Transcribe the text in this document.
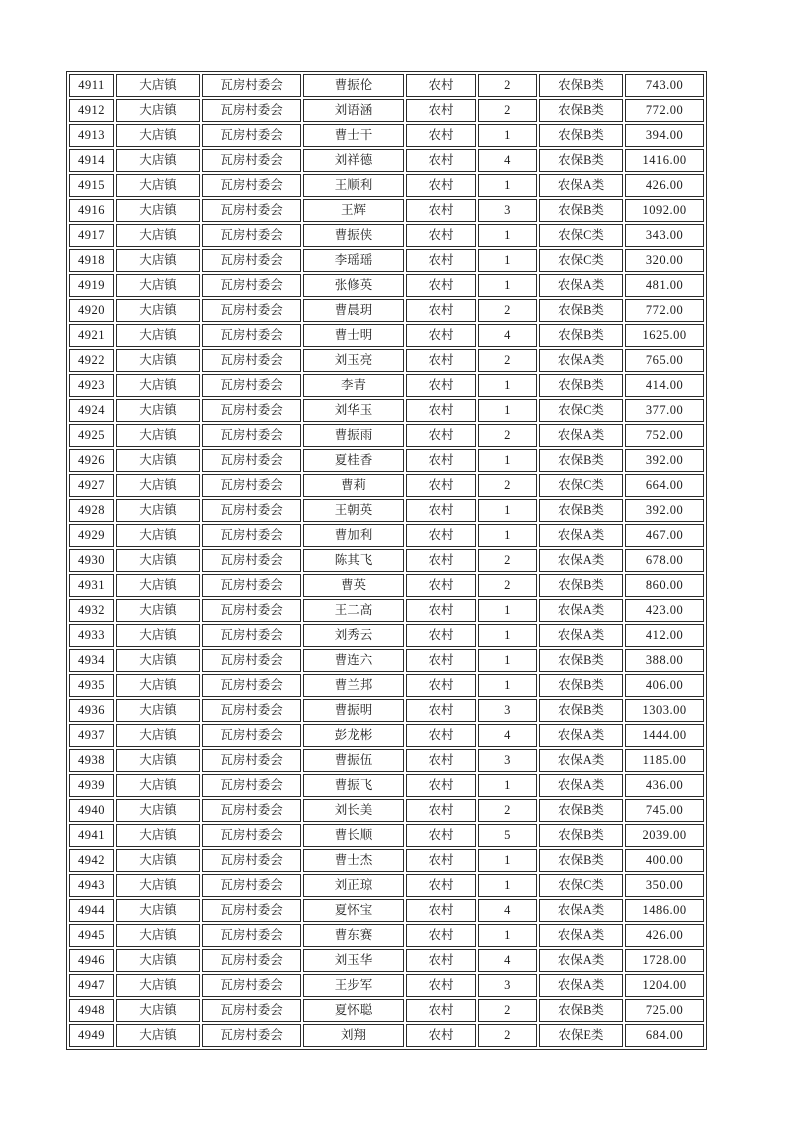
4911	大店镇	瓦房村委会	曹振伦	农村	2	农保B类	743.00
4912	大店镇	瓦房村委会	刘语涵	农村	2	农保B类	772.00
4913	大店镇	瓦房村委会	曹士干	农村	1	农保B类	394.00
4914	大店镇	瓦房村委会	刘祥德	农村	4	农保B类	1416.00
4915	大店镇	瓦房村委会	王顺利	农村	1	农保A类	426.00
4916	大店镇	瓦房村委会	王辉	农村	3	农保B类	1092.00
4917	大店镇	瓦房村委会	曹振侠	农村	1	农保C类	343.00
4918	大店镇	瓦房村委会	李瑶瑶	农村	1	农保C类	320.00
4919	大店镇	瓦房村委会	张修英	农村	1	农保A类	481.00
4920	大店镇	瓦房村委会	曹晨玥	农村	2	农保B类	772.00
4921	大店镇	瓦房村委会	曹士明	农村	4	农保B类	1625.00
4922	大店镇	瓦房村委会	刘玉亮	农村	2	农保A类	765.00
4923	大店镇	瓦房村委会	李青	农村	1	农保B类	414.00
4924	大店镇	瓦房村委会	刘华玉	农村	1	农保C类	377.00
4925	大店镇	瓦房村委会	曹振雨	农村	2	农保A类	752.00
4926	大店镇	瓦房村委会	夏桂香	农村	1	农保B类	392.00
4927	大店镇	瓦房村委会	曹莉	农村	2	农保C类	664.00
4928	大店镇	瓦房村委会	王朝英	农村	1	农保B类	392.00
4929	大店镇	瓦房村委会	曹加利	农村	1	农保A类	467.00
4930	大店镇	瓦房村委会	陈其飞	农村	2	农保A类	678.00
4931	大店镇	瓦房村委会	曹英	农村	2	农保B类	860.00
4932	大店镇	瓦房村委会	王二高	农村	1	农保A类	423.00
4933	大店镇	瓦房村委会	刘秀云	农村	1	农保A类	412.00
4934	大店镇	瓦房村委会	曹连六	农村	1	农保B类	388.00
4935	大店镇	瓦房村委会	曹兰邦	农村	1	农保B类	406.00
4936	大店镇	瓦房村委会	曹振明	农村	3	农保B类	1303.00
4937	大店镇	瓦房村委会	彭龙彬	农村	4	农保A类	1444.00
4938	大店镇	瓦房村委会	曹振伍	农村	3	农保A类	1185.00
4939	大店镇	瓦房村委会	曹振飞	农村	1	农保A类	436.00
4940	大店镇	瓦房村委会	刘长美	农村	2	农保B类	745.00
4941	大店镇	瓦房村委会	曹长顺	农村	5	农保B类	2039.00
4942	大店镇	瓦房村委会	曹士杰	农村	1	农保B类	400.00
4943	大店镇	瓦房村委会	刘正琼	农村	1	农保C类	350.00
4944	大店镇	瓦房村委会	夏怀宝	农村	4	农保A类	1486.00
4945	大店镇	瓦房村委会	曹东赛	农村	1	农保A类	426.00
4946	大店镇	瓦房村委会	刘玉华	农村	4	农保A类	1728.00
4947	大店镇	瓦房村委会	王步军	农村	3	农保A类	1204.00
4948	大店镇	瓦房村委会	夏怀聪	农村	2	农保B类	725.00
4949	大店镇	瓦房村委会	刘翔	农村	2	农保E类	684.00
